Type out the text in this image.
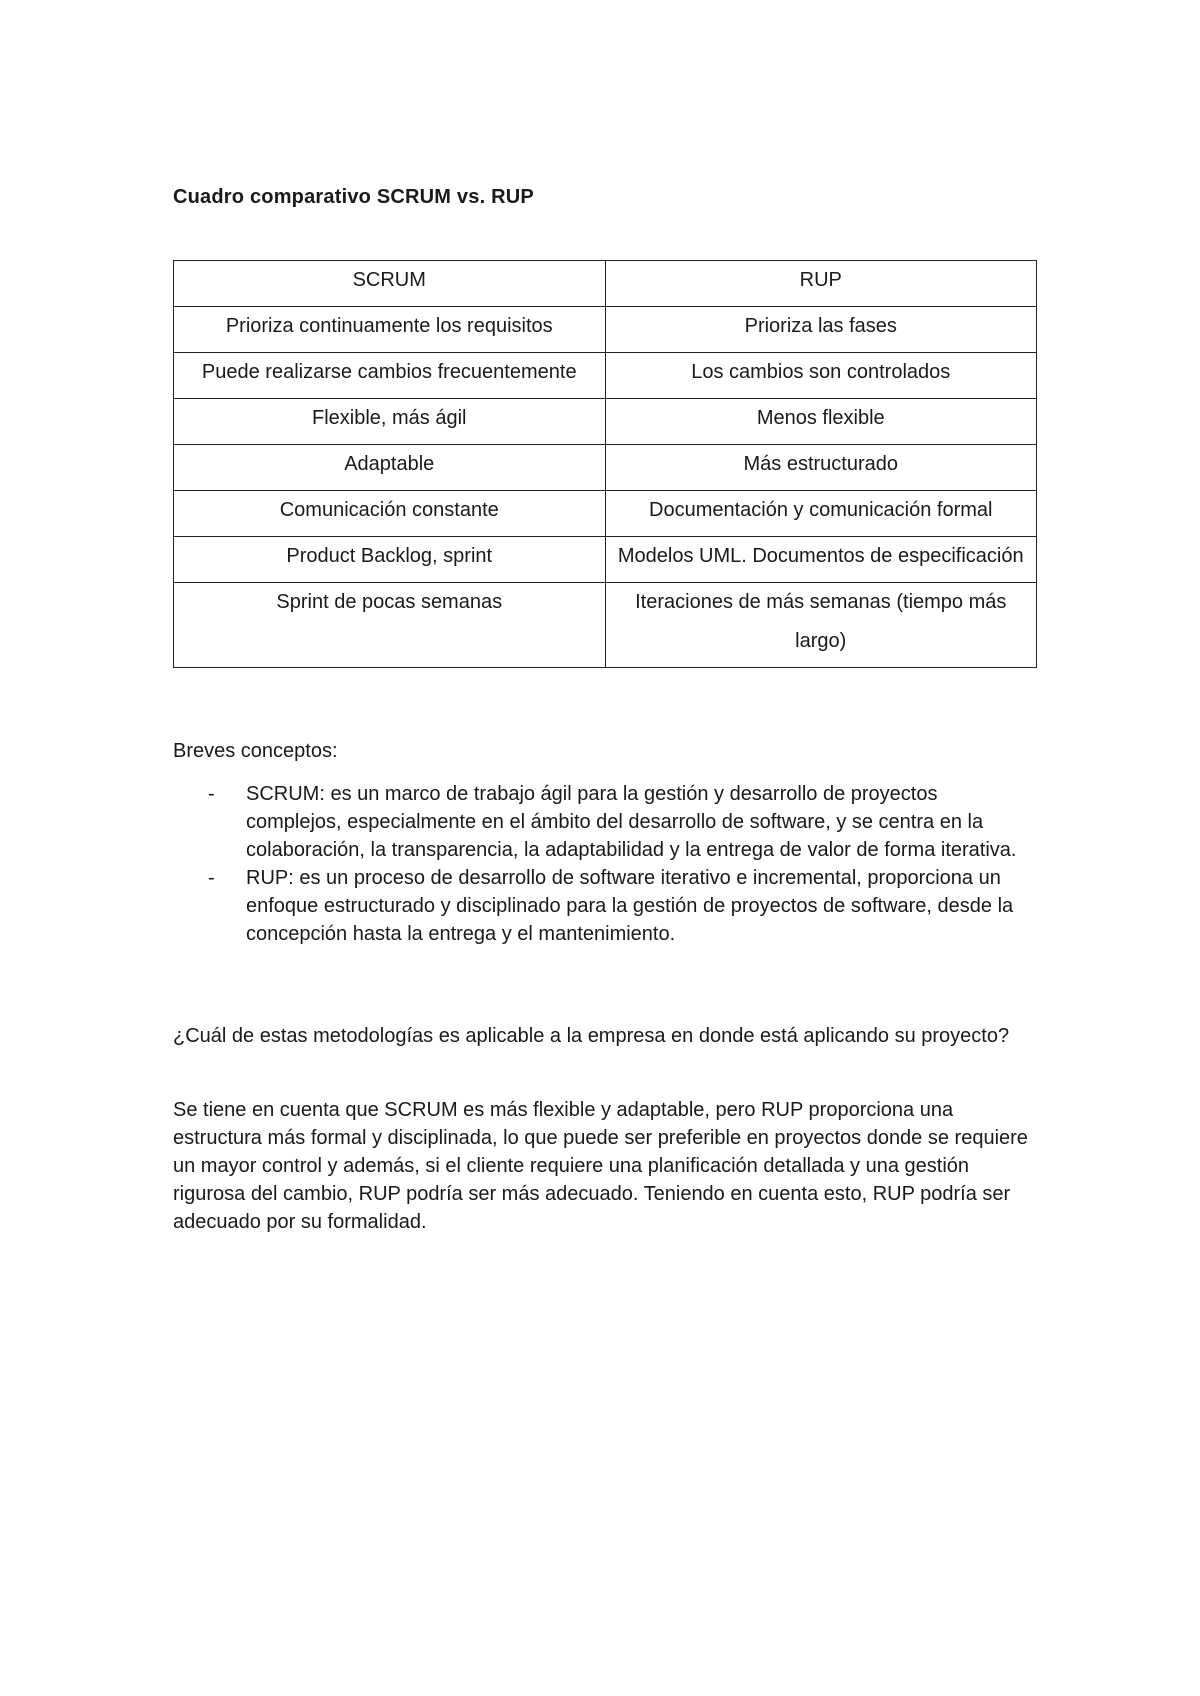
Cuadro comparativo SCRUM vs. RUP
SCRUM	RUP

Prioriza continuamente los requisitos	Prioriza las fases

Puede realizarse cambios frecuentemente	Los cambios son controlados

Flexible, más ágil	Menos flexible

Adaptable	Más estructurado

Comunicación constante	Documentación y comunicación formal

Product Backlog, sprint	Modelos UML. Documentos de especificación

Sprint de pocas semanas	Iteraciones de más semanas (tiempo más largo)

Breves conceptos:

- SCRUM: es un marco de trabajo ágil para la gestión y desarrollo de proyectos complejos, especialmente en el ámbito del desarrollo de software, y se centra en la colaboración, la transparencia, la adaptabilidad y la entrega de valor de forma iterativa.
- RUP: es un proceso de desarrollo de software iterativo e incremental, proporciona un enfoque estructurado y disciplinado para la gestión de proyectos de software, desde la concepción hasta la entrega y el mantenimiento.

¿Cuál de estas metodologías es aplicable a la empresa en donde está aplicando su proyecto?

Se tiene en cuenta que SCRUM es más flexible y adaptable, pero RUP proporciona una estructura más formal y disciplinada, lo que puede ser preferible en proyectos donde se requiere un mayor control y además, si el cliente requiere una planificación detallada y una gestión rigurosa del cambio, RUP podría ser más adecuado. Teniendo en cuenta esto, RUP podría ser adecuado por su formalidad.
